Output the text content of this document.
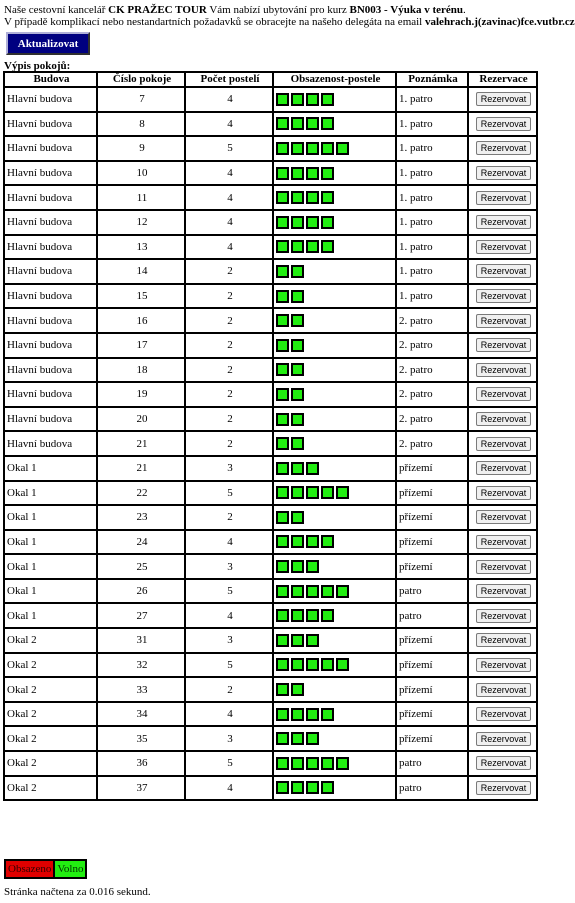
Naše cestovní kancelář CK PRAŽEC TOUR Vám nabízí ubytování pro kurz BN003 - Výuka v terénu.
V případě komplikací nebo nestandartních požadavků se obracejte na našeho delegáta na email valehrach.j(zavinac)fce.vutbr.cz
Aktualizovat
Výpis pokojů:
Budova	Číslo pokoje	Počet postelí	Obsazenost-postele	Poznámka	Rezervace
Hlavní budova	7	4		1. patro	Rezervovat

Hlavní budova	8	4		1. patro	Rezervovat

Hlavní budova	9	5		1. patro	Rezervovat

Hlavní budova	10	4		1. patro	Rezervovat

Hlavní budova	11	4		1. patro	Rezervovat

Hlavní budova	12	4		1. patro	Rezervovat

Hlavní budova	13	4		1. patro	Rezervovat

Hlavní budova	14	2		1. patro	Rezervovat

Hlavní budova	15	2		1. patro	Rezervovat

Hlavní budova	16	2		2. patro	Rezervovat

Hlavní budova	17	2		2. patro	Rezervovat

Hlavní budova	18	2		2. patro	Rezervovat

Hlavní budova	19	2		2. patro	Rezervovat

Hlavní budova	20	2		2. patro	Rezervovat

Hlavní budova	21	2		2. patro	Rezervovat

Okal 1	21	3		přízemí	Rezervovat

Okal 1	22	5		přízemí	Rezervovat

Okal 1	23	2		přízemí	Rezervovat

Okal 1	24	4		přízemí	Rezervovat

Okal 1	25	3		přízemí	Rezervovat

Okal 1	26	5		patro	Rezervovat

Okal 1	27	4		patro	Rezervovat

Okal 2	31	3		přízemí	Rezervovat

Okal 2	32	5		přízemí	Rezervovat

Okal 2	33	2		přízemí	Rezervovat

Okal 2	34	4		přízemí	Rezervovat

Okal 2	35	3		přízemí	Rezervovat

Okal 2	36	5		patro	Rezervovat

Okal 2	37	4		patro	Rezervovat
Obsazeno Volno
Stránka načtena za 0.016 sekund.
